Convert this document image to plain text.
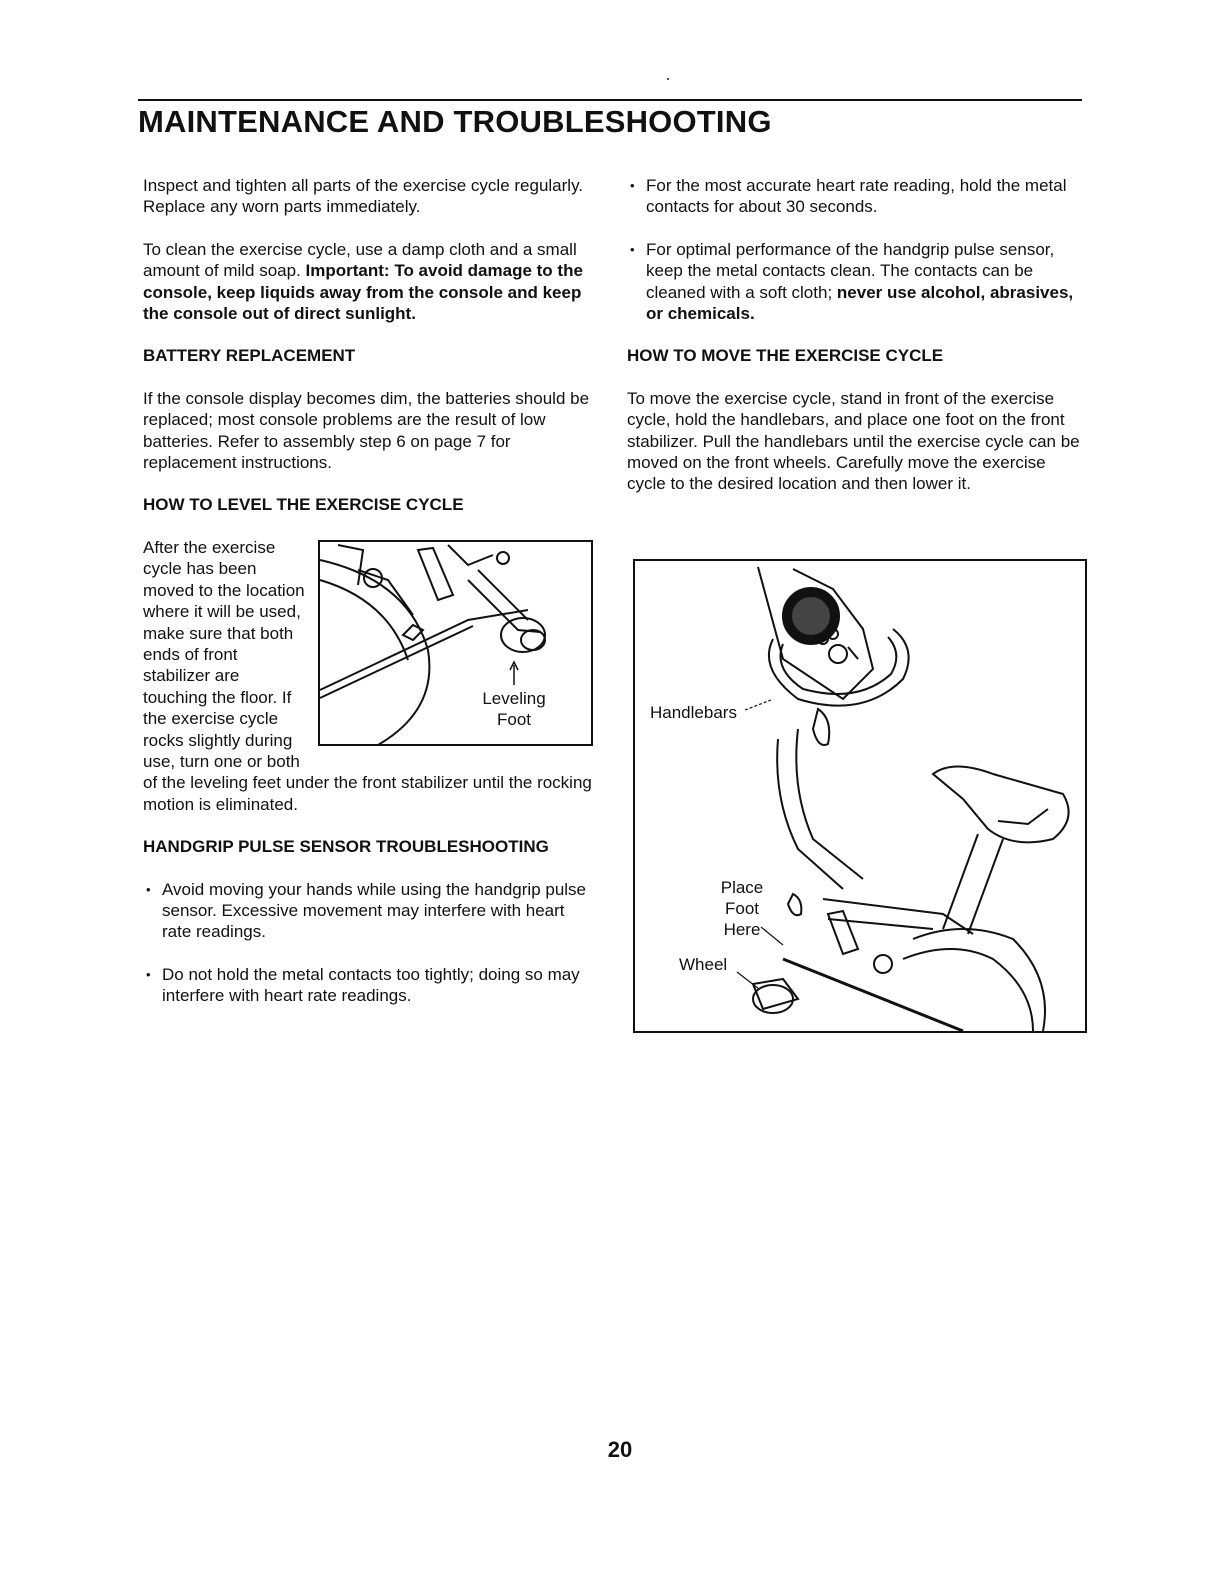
MAINTENANCE AND TROUBLESHOOTING

Inspect and tighten all parts of the exercise cycle regularly. Replace any worn parts immediately.

To clean the exercise cycle, use a damp cloth and a small amount of mild soap. Important: To avoid damage to the console, keep liquids away from the console and keep the console out of direct sunlight.

BATTERY REPLACEMENT

If the console display becomes dim, the batteries should be replaced; most console problems are the result of low batteries. Refer to assembly step 6 on page 7 for replacement instructions.

HOW TO LEVEL THE EXERCISE CYCLE
Leveling
Foot

After the exercise cycle has been moved to the location where it will be used, make sure that both ends of front stabilizer are touching the floor. If the exercise cycle rocks slightly during use, turn one or both of the leveling feet under the front stabilizer until the rocking motion is eliminated.

HANDGRIP PULSE SENSOR TROUBLESHOOTING
• Avoid moving your hands while using the handgrip pulse sensor. Excessive movement may interfere with heart rate readings.
• Do not hold the metal contacts too tightly; doing so may interfere with heart rate readings.
• For the most accurate heart rate reading, hold the metal contacts for about 30 seconds.
• For optimal performance of the handgrip pulse sensor, keep the metal contacts clean. The contacts can be cleaned with a soft cloth; never use alcohol, abrasives, or chemicals.
HOW TO MOVE THE EXERCISE CYCLE

To move the exercise cycle, stand in front of the exercise cycle, hold the handlebars, and place one foot on the front stabilizer. Pull the handlebars until the exercise cycle can be moved on the front wheels. Carefully move the exercise cycle to the desired location and then lower it.

Handlebars
Place
Foot
Here
Wheel

20
